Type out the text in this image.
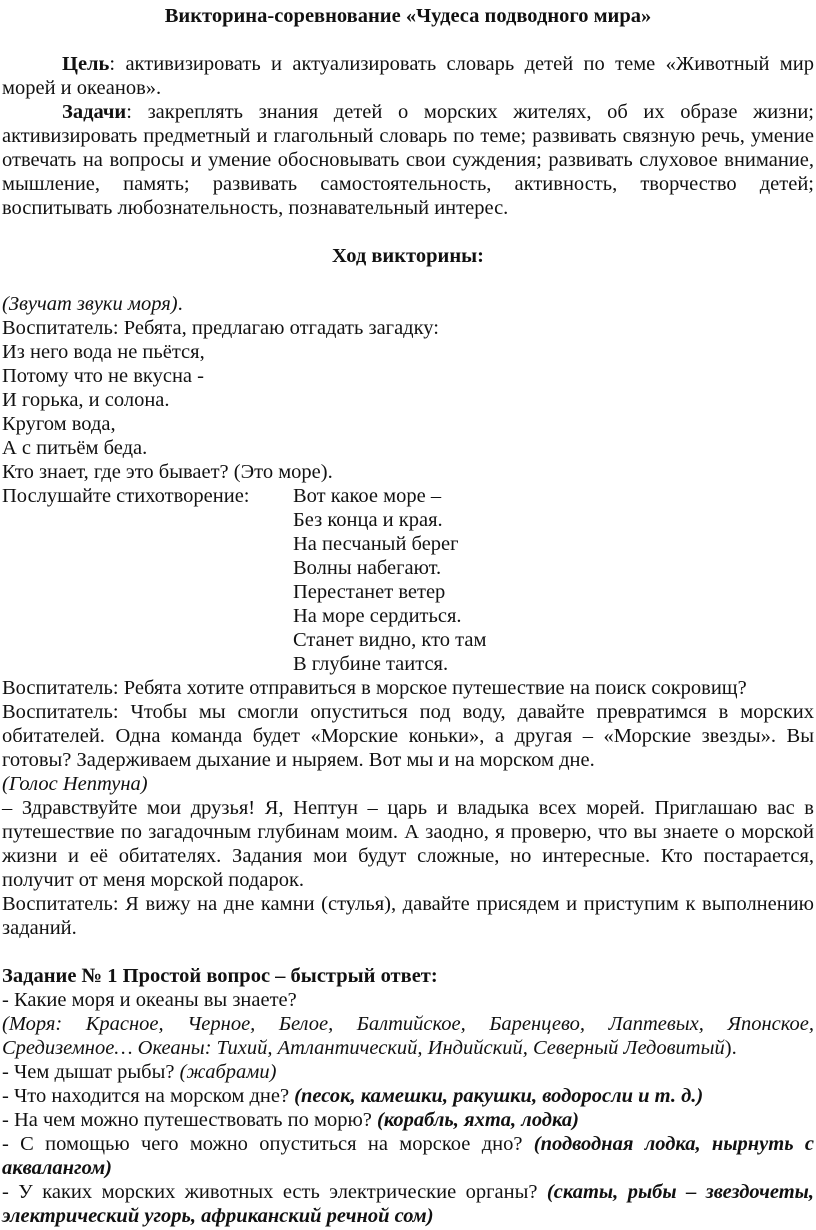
Викторина-соревнование «Чудеса подводного мира»
Цель: активизировать и актуализировать словарь детей по теме «Животный мир
морей и океанов».
Задачи: закреплять знания детей о морских жителях, об их образе жизни;
активизировать предметный и глагольный словарь по теме; развивать связную речь, умение
отвечать на вопросы и умение обосновывать свои суждения; развивать слуховое внимание,
мышление, память; развивать самостоятельность, активность, творчество детей;
воспитывать любознательность, познавательный интерес.
Ход викторины:
(Звучат звуки моря).
Воспитатель: Ребята, предлагаю отгадать загадку:
Из него вода не пьётся,
Потому что не вкусна -
И горька, и солона.
Кругом вода,
А с питьём беда.
Кто знает, где это бывает? (Это море).
Послушайте стихотворение:	Вот какое море –
Без конца и края.
На песчаный берег
Волны набегают.
Перестанет ветер
На море сердиться.
Станет видно, кто там
В глубине таится.
Воспитатель: Ребята хотите отправиться в морское путешествие на поиск сокровищ?
Воспитатель: Чтобы мы смогли опуститься под воду, давайте превратимся в морских
обитателей. Одна команда будет «Морские коньки», а другая – «Морские звезды». Вы
готовы? Задерживаем дыхание и ныряем. Вот мы и на морском дне.
(Голос Нептуна)
– Здравствуйте мои друзья! Я, Нептун – царь и владыка всех морей. Приглашаю вас в
путешествие по загадочным глубинам моим. А заодно, я проверю, что вы знаете о морской
жизни и её обитателях. Задания мои будут сложные, но интересные. Кто постарается,
получит от меня морской подарок.
Воспитатель: Я вижу на дне камни (стулья), давайте присядем и приступим к выполнению
заданий.
Задание № 1 Простой вопрос – быстрый ответ:
- Какие моря и океаны вы знаете?
(Моря: Красное, Черное, Белое, Балтийское, Баренцево, Лаптевых, Японское,
Средиземное… Океаны: Тихий, Атлантический, Индийский, Северный Ледовитый).
- Чем дышат рыбы? (жабрами)
- Что находится на морском дне? (песок, камешки, ракушки, водоросли и т. д.)
- На чем можно путешествовать по морю? (корабль, яхта, лодка)
- С помощью чего можно опуститься на морское дно? (подводная лодка, нырнуть с
аквалангом)
- У каких морских животных есть электрические органы? (скаты, рыбы – звездочеты,
электрический угорь, африканский речной сом)
